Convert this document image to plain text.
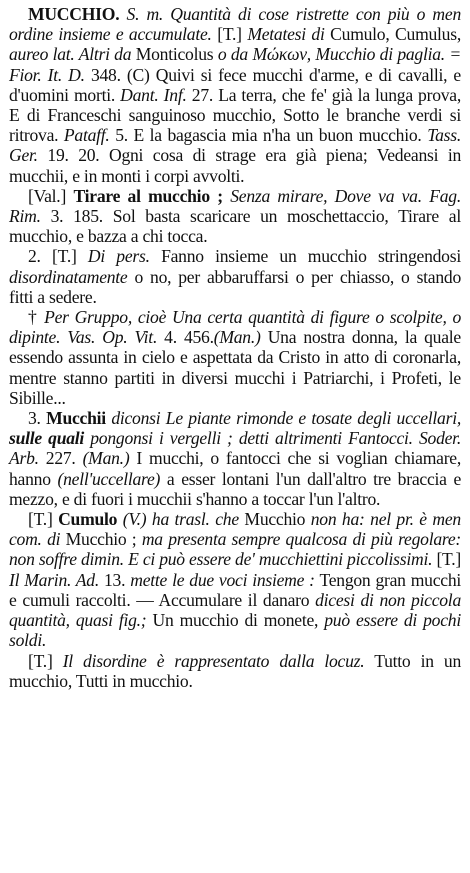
MUCCHIO. S. m. Quantità di cose ristrette con più o men ordine insieme e accumulate. [T.] Metatesi di Cumulo, Cumulus, aureo lat. Altri da Monticolus o da Μώκων, Mucchio di paglia. = Fior. It. D. 348. (C) Quivi si fece mucchi d'arme, e di cavalli, e d'uomini morti. Dant. Inf. 27. La terra, che fe' già la lunga prova, E di Franceschi sanguinoso mucchio, Sotto le branche verdi si ritrova. Pataff. 5. E la bagascia mia n'ha un buon mucchio. Tass. Ger. 19. 20. Ogni cosa di strage era già piena; Vedeansi in mucchii, e in monti i corpi avvolti.

[Val.] Tirare al mucchio ; Senza mirare, Dove va va. Fag. Rim. 3. 185. Sol basta scaricare un moschettaccio, Tirare al mucchio, e bazza a chi tocca.

2. [T.] Di pers. Fanno insieme un mucchio stringendosi disordinatamente o no, per abbaruffarsi o per chiasso, o stando fitti a sedere.

† Per Gruppo, cioè Una certa quantità di figure o scolpite, o dipinte. Vas. Op. Vit. 4. 456.(Man.) Una nostra donna, la quale essendo assunta in cielo e aspettata da Cristo in atto di coronarla, mentre stanno partiti in diversi mucchi i Patriarchi, i Profeti, le Sibille...

3. Mucchii diconsi Le piante rimonde e tosate degli uccellari, sulle quali pongonsi i vergelli ; detti altrimenti Fantocci. Soder. Arb. 227. (Man.) I mucchi, o fantocci che si voglian chiamare, hanno (nell'uccellare) a esser lontani l'un dall'altro tre braccia e mezzo, e di fuori i mucchii s'hanno a toccar l'un l'altro.

[T.] Cumulo (V.) ha trasl. che Mucchio non ha: nel pr. è men com. di Mucchio ; ma presenta sempre qualcosa di più regolare: non soffre dimin. E ci può essere de' mucchiettini piccolissimi. [T.] Il Marin. Ad. 13. mette le due voci insieme : Tengon gran mucchi e cumuli raccolti. — Accumulare il danaro dicesi di non piccola quantità, quasi fig.; Un mucchio di monete, può essere di pochi soldi.

[T.] Il disordine è rappresentato dalla locuz. Tutto in un mucchio, Tutti in mucchio.
